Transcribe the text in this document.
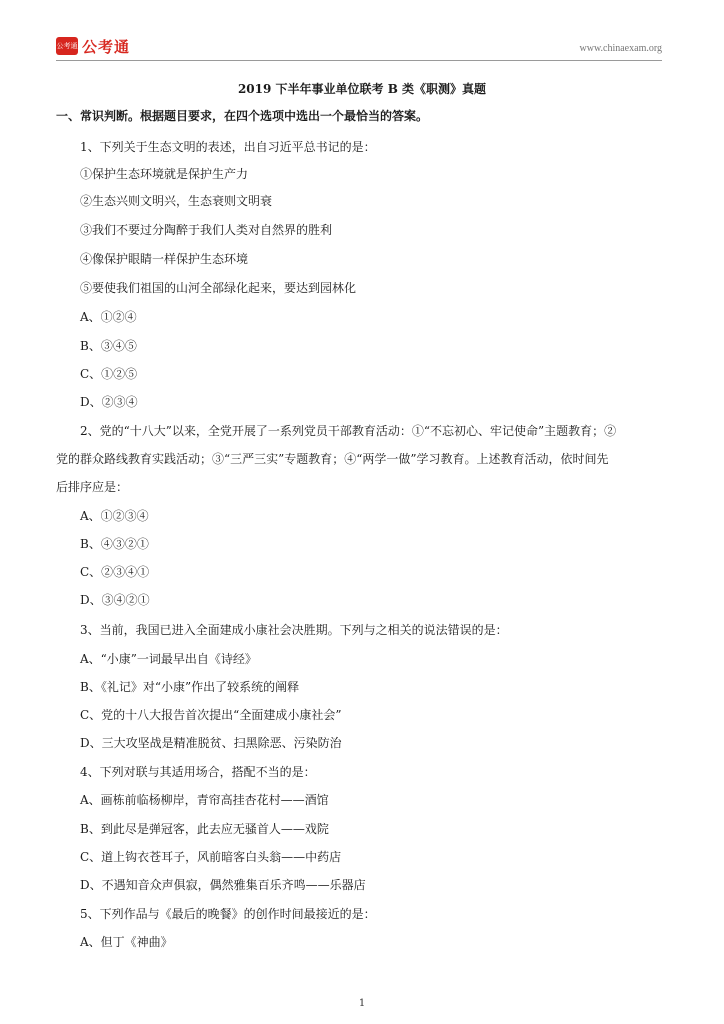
公考通 公考通	www.chinaexam.org
2019 下半年事业单位联考 B 类《职测》真题
一、常识判断。根据题目要求，在四个选项中选出一个最恰当的答案。
1、下列关于生态文明的表述，出自习近平总书记的是：
①保护生态环境就是保护生产力
②生态兴则文明兴，生态衰则文明衰
③我们不要过分陶醉于我们人类对自然界的胜利
④像保护眼睛一样保护生态环境
⑤要使我们祖国的山河全部绿化起来，要达到园林化
A、①②④
B、③④⑤
C、①②⑤
D、②③④
2、党的“十八大”以来，全党开展了一系列党员干部教育活动：①“不忘初心、牢记使命”主题教育；②
党的群众路线教育实践活动；③“三严三实”专题教育；④“两学一做”学习教育。上述教育活动，依时间先
后排序应是：
A、①②③④
B、④③②①
C、②③④①
D、③④②①
3、当前，我国已进入全面建成小康社会决胜期。下列与之相关的说法错误的是：
A、“小康”一词最早出自《诗经》
B、《礼记》对“小康”作出了较系统的阐释
C、党的十八大报告首次提出“全面建成小康社会”
D、三大攻坚战是精准脱贫、扫黑除恶、污染防治
4、下列对联与其适用场合，搭配不当的是：
A、画栋前临杨柳岸，青帘高挂杏花村——酒馆
B、到此尽是弹冠客，此去应无骚首人——戏院
C、道上钩衣苍耳子，风前暗客白头翁——中药店
D、不遇知音众声俱寂，偶然雅集百乐齐鸣——乐器店
5、下列作品与《最后的晚餐》的创作时间最接近的是：
A、但丁《神曲》
1
